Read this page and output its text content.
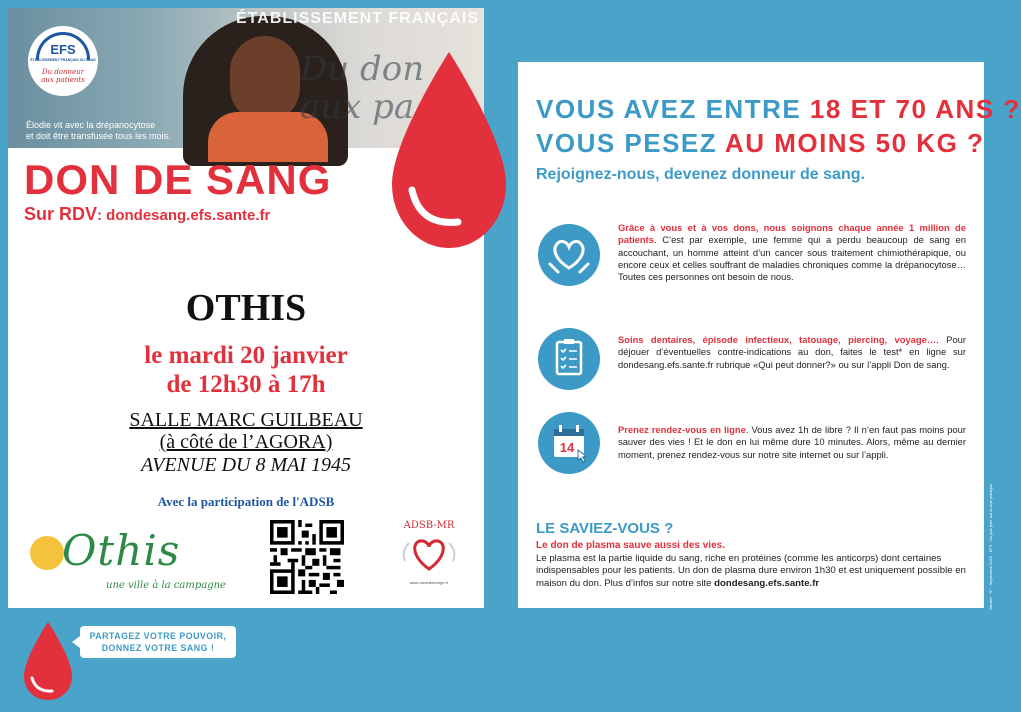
ÉTABLISSEMENT FRANÇAIS
Du don
aux pa
Élodie vit avec la drépanocytose
et doit être transfusée tous les mois.
EFS
ÉTABLISSEMENT FRANÇAIS DU SANG
Du donneur
aux patients
DON DE SANG
Sur RDV: dondesang.efs.sante.fr
OTHIS
le mardi 20 janvier
de 12h30 à 17h
SALLE MARC GUILBEAU
(à côté de l’AGORA)
AVENUE DU 8 MAI 1945
Avec la participation de l'ADSB
Othis
une ville à la campagne
ADSB-MR
adsb.mesnildeonge.fr
VOUS AVEZ ENTRE 18 ET 70 ANS ?
VOUS PESEZ AU MOINS 50 KG ?
Rejoignez-nous, devenez donneur de sang.
Grâce à vous et à vos dons, nous soignons chaque année 1 million de patients. C’est par exemple, une femme qui a perdu beaucoup de sang en accouchant, un homme atteint d’un cancer sous traitement chimiothérapique, ou encore ceux et celles souffrant de maladies chroniques comme la drépanocytose… Toutes ces personnes ont besoin de nous.
Soins dentaires, épisode infectieux, tatouage, piercing, voyage…. Pour déjouer d’éventuelles contre-indications au don, faites le test* en ligne sur dondesang.efs.sante.fr rubrique «Qui peut donner?» ou sur l’appli Don de sang.
14
Prenez rendez-vous en ligne. Vous avez 1h de libre ? Il n’en faut pas moins pour sauver des vies ! Et le don en lui même dure 10 minutes. Alors, même au dernier moment, prenez rendez-vous sur notre site internet ou sur l’appli.
LE SAVIEZ-VOUS ?
Le don de plasma sauve aussi des vies.
Le plasma est la partie liquide du sang, riche en protéines (comme les anticorps) dont certaines indispensables pour les patients. Un don de plasma dure environ 1h30 et est uniquement possible en maison du don. Plus d’infos sur notre site dondesang.efs.sante.fr	Janvier · N° · Septembre 2023 · EFS · Ne pas jeter sur la voie publique
PARTAGEZ VOTRE POUVOIR,
DONNEZ VOTRE SANG !
